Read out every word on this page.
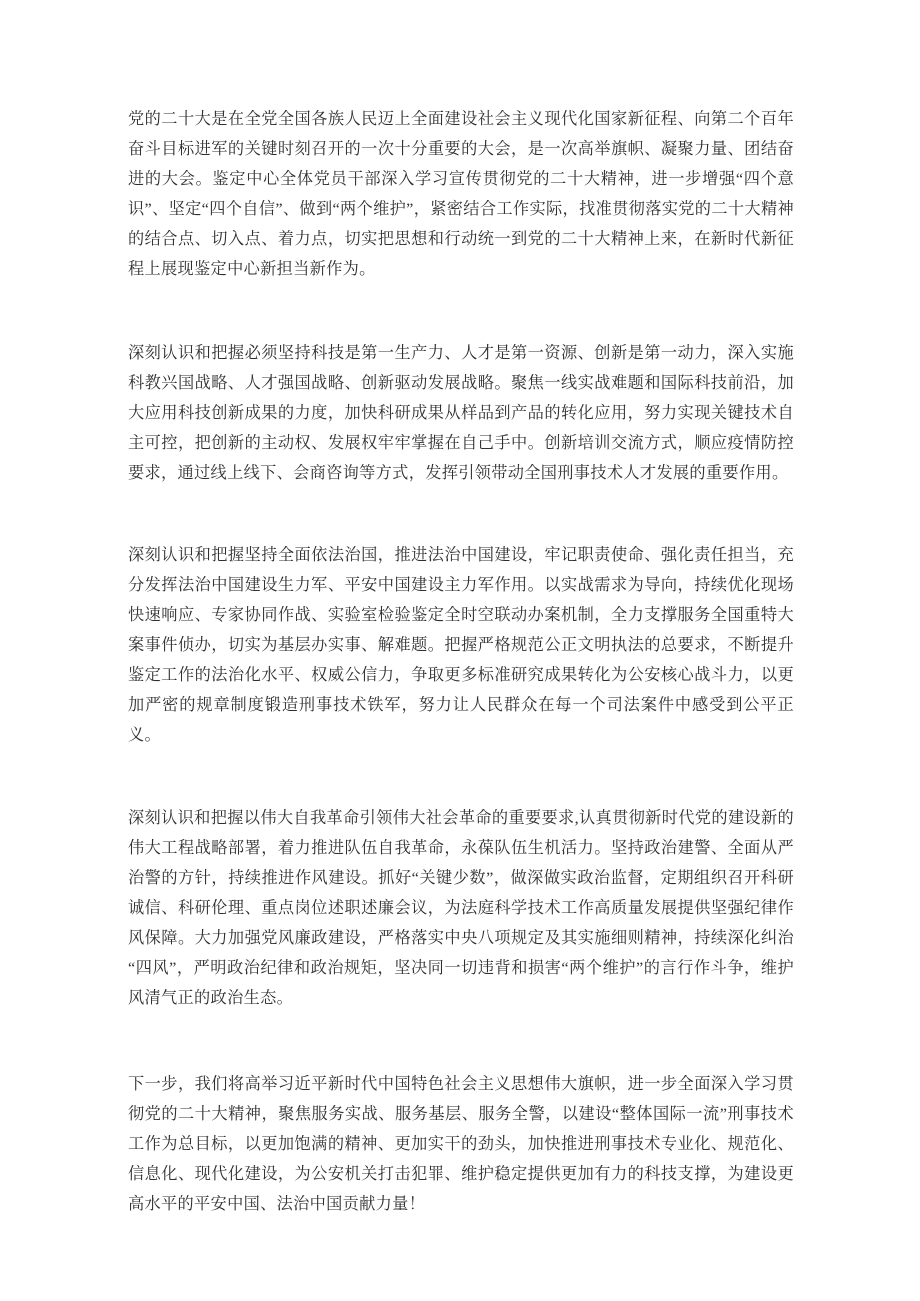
党的二十大是在全党全国各族人民迈上全面建设社会主义现代化国家新征程、向第二个百年奋斗目标进军的关键时刻召开的一次十分重要的大会，是一次高举旗帜、凝聚力量、团结奋进的大会。鉴定中心全体党员干部深入学习宣传贯彻党的二十大精神，进一步增强“四个意识”、坚定“四个自信”、做到“两个维护”，紧密结合工作实际，找准贯彻落实党的二十大精神的结合点、切入点、着力点，切实把思想和行动统一到党的二十大精神上来，在新时代新征程上展现鉴定中心新担当新作为。

深刻认识和把握必须坚持科技是第一生产力、人才是第一资源、创新是第一动力，深入实施科教兴国战略、人才强国战略、创新驱动发展战略。聚焦一线实战难题和国际科技前沿，加大应用科技创新成果的力度，加快科研成果从样品到产品的转化应用，努力实现关键技术自主可控，把创新的主动权、发展权牢牢掌握在自己手中。创新培训交流方式，顺应疫情防控要求，通过线上线下、会商咨询等方式，发挥引领带动全国刑事技术人才发展的重要作用。

深刻认识和把握坚持全面依法治国，推进法治中国建设，牢记职责使命、强化责任担当，充分发挥法治中国建设生力军、平安中国建设主力军作用。以实战需求为导向，持续优化现场快速响应、专家协同作战、实验室检验鉴定全时空联动办案机制，全力支撑服务全国重特大案事件侦办，切实为基层办实事、解难题。把握严格规范公正文明执法的总要求，不断提升鉴定工作的法治化水平、权威公信力，争取更多标准研究成果转化为公安核心战斗力，以更加严密的规章制度锻造刑事技术铁军，努力让人民群众在每一个司法案件中感受到公平正义。

深刻认识和把握以伟大自我革命引领伟大社会革命的重要要求,认真贯彻新时代党的建设新的伟大工程战略部署，着力推进队伍自我革命，永葆队伍生机活力。坚持政治建警、全面从严治警的方针，持续推进作风建设。抓好“关键少数”，做深做实政治监督，定期组织召开科研诚信、科研伦理、重点岗位述职述廉会议，为法庭科学技术工作高质量发展提供坚强纪律作风保障。大力加强党风廉政建设，严格落实中央八项规定及其实施细则精神，持续深化纠治“四风”，严明政治纪律和政治规矩，坚决同一切违背和损害“两个维护”的言行作斗争，维护风清气正的政治生态。

下一步，我们将高举习近平新时代中国特色社会主义思想伟大旗帜，进一步全面深入学习贯彻党的二十大精神，聚焦服务实战、服务基层、服务全警，以建设“整体国际一流”刑事技术工作为总目标，以更加饱满的精神、更加实干的劲头，加快推进刑事技术专业化、规范化、信息化、现代化建设，为公安机关打击犯罪、维护稳定提供更加有力的科技支撑，为建设更高水平的平安中国、法治中国贡献力量！
